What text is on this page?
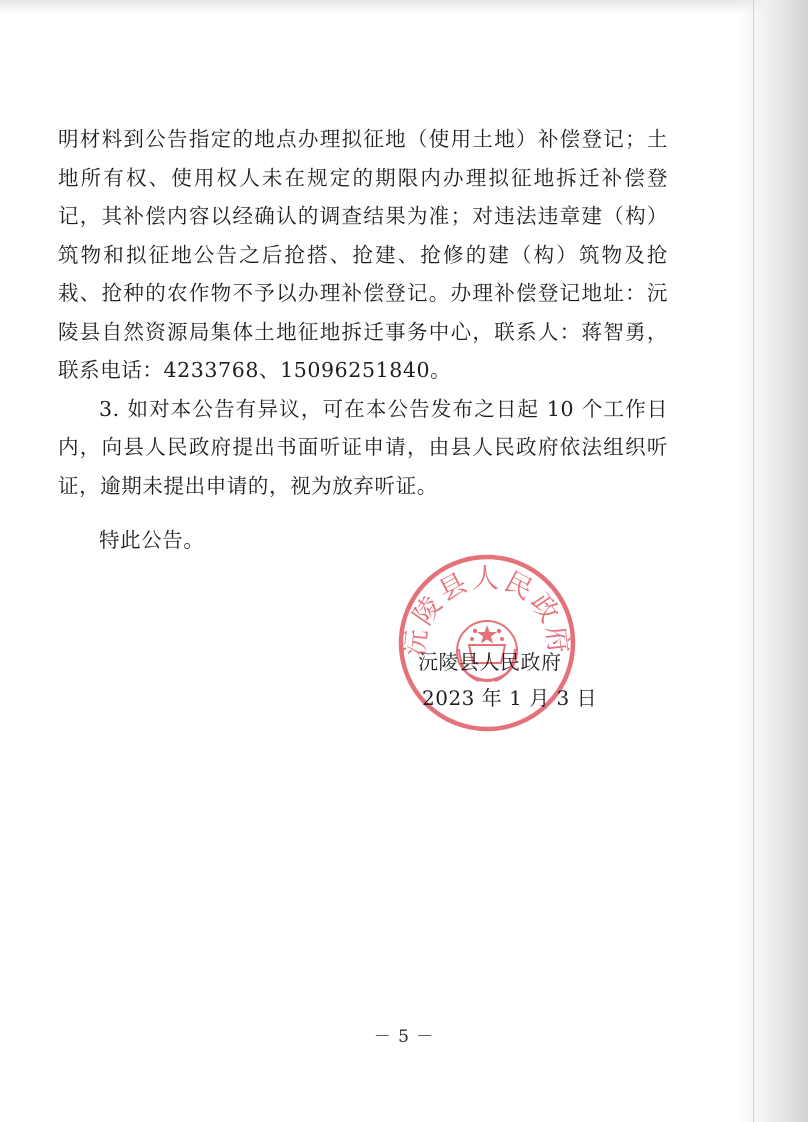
明材料到公告指定的地点办理拟征地（使用土地）补偿登记；土地所有权、使用权人未在规定的期限内办理拟征地拆迁补偿登记，其补偿内容以经确认的调查结果为准；对违法违章建（构）筑物和拟征地公告之后抢搭、抢建、抢修的建（构）筑物及抢栽、抢种的农作物不予以办理补偿登记。办理补偿登记地址：沅陵县自然资源局集体土地征地拆迁事务中心，联系人：蒋智勇，联系电话：4233768、15096251840。

3. 如对本公告有异议，可在本公告发布之日起 10 个工作日内，向县人民政府提出书面听证申请，由县人民政府依法组织听证，逾期未提出申请的，视为放弃听证。

特此公告。
沅陵县人民政府
沅陵县人民政府
2023 年 1 月 3 日
－ 5 －
